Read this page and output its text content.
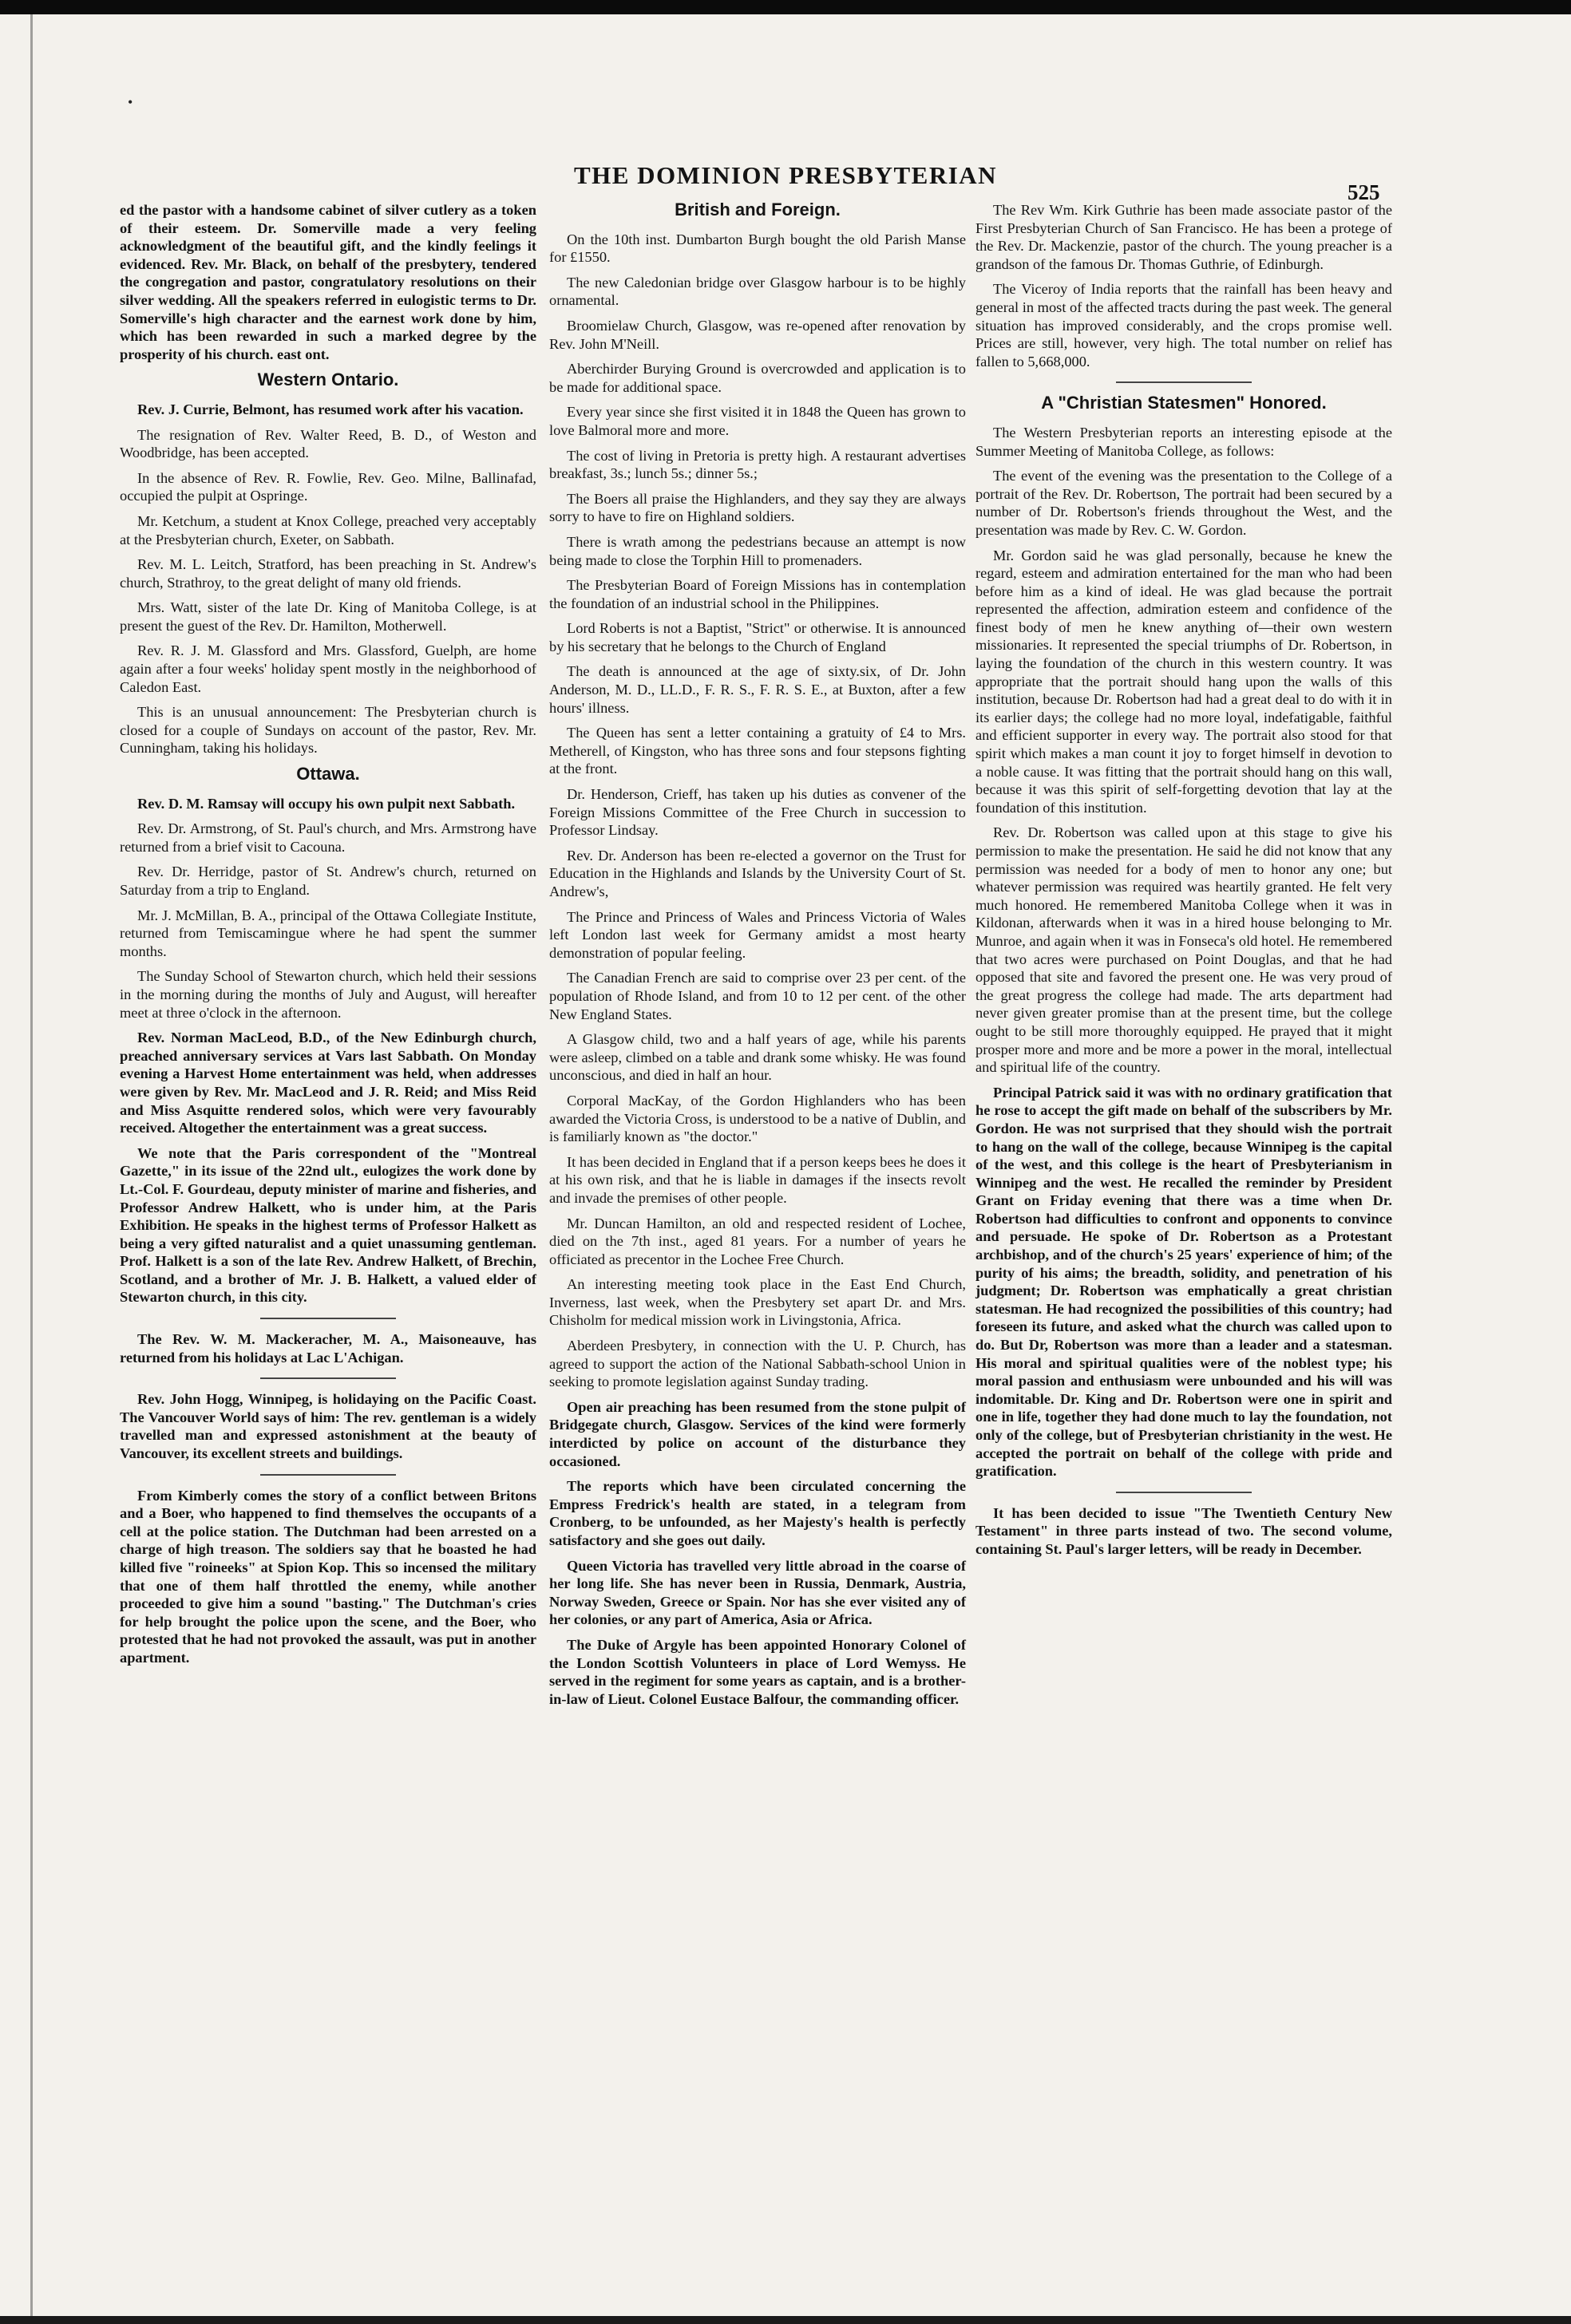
•
THE DOMINION PRESBYTERIAN
525

ed the pastor with a handsome cabinet of silver cutlery as a token of their esteem. Dr. Somerville made a very feeling acknowledgment of the beautiful gift, and the kindly feelings it evidenced. Rev. Mr. Black, on behalf of the presbytery, tendered the congregation and pastor, congratulatory resolutions on their silver wedding. All the speakers referred in eulogistic terms to Dr. Somerville's high character and the earnest work done by him, which has been rewarded in such a marked degree by the prosperity of his church. east ont.

Western Ontario.

Rev. J. Currie, Belmont, has resumed work after his vacation.

The resignation of Rev. Walter Reed, B. D., of Weston and Woodbridge, has been accepted.

In the absence of Rev. R. Fowlie, Rev. Geo. Milne, Ballinafad, occupied the pulpit at Ospringe.

Mr. Ketchum, a student at Knox College, preached very acceptably at the Presbyterian church, Exeter, on Sabbath.

Rev. M. L. Leitch, Stratford, has been preaching in St. Andrew's church, Strathroy, to the great delight of many old friends.

Mrs. Watt, sister of the late Dr. King of Manitoba College, is at present the guest of the Rev. Dr. Hamilton, Motherwell.

Rev. R. J. M. Glassford and Mrs. Glassford, Guelph, are home again after a four weeks' holiday spent mostly in the neighborhood of Caledon East.

This is an unusual announcement: The Presbyterian church is closed for a couple of Sundays on account of the pastor, Rev. Mr. Cunningham, taking his holidays.

Ottawa.

Rev. D. M. Ramsay will occupy his own pulpit next Sabbath.

Rev. Dr. Armstrong, of St. Paul's church, and Mrs. Armstrong have returned from a brief visit to Cacouna.

Rev. Dr. Herridge, pastor of St. Andrew's church, returned on Saturday from a trip to England.

Mr. J. McMillan, B. A., principal of the Ottawa Collegiate Institute, returned from Temiscamingue where he had spent the summer months.

The Sunday School of Stewarton church, which held their sessions in the morning during the months of July and August, will hereafter meet at three o'clock in the afternoon.

Rev. Norman MacLeod, B.D., of the New Edinburgh church, preached anniversary services at Vars last Sabbath. On Monday evening a Harvest Home entertainment was held, when addresses were given by Rev. Mr. MacLeod and J. R. Reid; and Miss Reid and Miss Asquitte rendered solos, which were very favourably received. Altogether the entertainment was a great success.

We note that the Paris correspondent of the "Montreal Gazette," in its issue of the 22nd ult., eulogizes the work done by Lt.-Col. F. Gourdeau, deputy minister of marine and fisheries, and Professor Andrew Halkett, who is under him, at the Paris Exhibition. He speaks in the highest terms of Professor Halkett as being a very gifted naturalist and a quiet unassuming gentleman. Prof. Halkett is a son of the late Rev. Andrew Halkett, of Brechin, Scotland, and a brother of Mr. J. B. Halkett, a valued elder of Stewarton church, in this city.

The Rev. W. M. Mackeracher, M. A., Maisoneauve, has returned from his holidays at Lac L'Achigan.

Rev. John Hogg, Winnipeg, is holidaying on the Pacific Coast. The Vancouver World says of him: The rev. gentleman is a widely travelled man and expressed astonishment at the beauty of Vancouver, its excellent streets and buildings.

From Kimberly comes the story of a conflict between Britons and a Boer, who happened to find themselves the occupants of a cell at the police station. The Dutchman had been arrested on a charge of high treason. The soldiers say that he boasted he had killed five "roineeks" at Spion Kop. This so incensed the military that one of them half throttled the enemy, while another proceeded to give him a sound "basting." The Dutchman's cries for help brought the police upon the scene, and the Boer, who protested that he had not provoked the assault, was put in another apartment.

British and Foreign.

On the 10th inst. Dumbarton Burgh bought the old Parish Manse for £1550.

The new Caledonian bridge over Glasgow harbour is to be highly ornamental.

Broomielaw Church, Glasgow, was re-opened after renovation by Rev. John M'Neill.

Aberchirder Burying Ground is overcrowded and application is to be made for additional space.

Every year since she first visited it in 1848 the Queen has grown to love Balmoral more and more.

The cost of living in Pretoria is pretty high. A restaurant advertises breakfast, 3s.; lunch 5s.; dinner 5s.;

The Boers all praise the Highlanders, and they say they are always sorry to have to fire on Highland soldiers.

There is wrath among the pedestrians because an attempt is now being made to close the Torphin Hill to promenaders.

The Presbyterian Board of Foreign Missions has in contemplation the foundation of an industrial school in the Philippines.

Lord Roberts is not a Baptist, "Strict" or otherwise. It is announced by his secretary that he belongs to the Church of England

The death is announced at the age of sixty.six, of Dr. John Anderson, M. D., LL.D., F. R. S., F. R. S. E., at Buxton, after a few hours' illness.

The Queen has sent a letter containing a gratuity of £4 to Mrs. Metherell, of Kingston, who has three sons and four stepsons fighting at the front.

Dr. Henderson, Crieff, has taken up his duties as convener of the Foreign Missions Committee of the Free Church in succession to Professor Lindsay.

Rev. Dr. Anderson has been re-elected a governor on the Trust for Education in the Highlands and Islands by the University Court of St. Andrew's,

The Prince and Princess of Wales and Princess Victoria of Wales left London last week for Germany amidst a most hearty demonstration of popular feeling.

The Canadian French are said to comprise over 23 per cent. of the population of Rhode Island, and from 10 to 12 per cent. of the other New England States.

A Glasgow child, two and a half years of age, while his parents were asleep, climbed on a table and drank some whisky. He was found unconscious, and died in half an hour.

Corporal MacKay, of the Gordon Highlanders who has been awarded the Victoria Cross, is understood to be a native of Dublin, and is familiarly known as "the doctor."

It has been decided in England that if a person keeps bees he does it at his own risk, and that he is liable in damages if the insects revolt and invade the premises of other people.

Mr. Duncan Hamilton, an old and respected resident of Lochee, died on the 7th inst., aged 81 years. For a number of years he officiated as precentor in the Lochee Free Church.

An interesting meeting took place in the East End Church, Inverness, last week, when the Presbytery set apart Dr. and Mrs. Chisholm for medical mission work in Livingstonia, Africa.

Aberdeen Presbytery, in connection with the U. P. Church, has agreed to support the action of the National Sabbath-school Union in seeking to promote legislation against Sunday trading.

Open air preaching has been resumed from the stone pulpit of Bridgegate church, Glasgow. Services of the kind were formerly interdicted by police on account of the disturbance they occasioned.

The reports which have been circulated concerning the Empress Fredrick's health are stated, in a telegram from Cronberg, to be unfounded, as her Majesty's health is perfectly satisfactory and she goes out daily.

Queen Victoria has travelled very little abroad in the coarse of her long life. She has never been in Russia, Denmark, Austria, Norway Sweden, Greece or Spain. Nor has she ever visited any of her colonies, or any part of America, Asia or Africa.

The Duke of Argyle has been appointed Honorary Colonel of the London Scottish Volunteers in place of Lord Wemyss. He served in the regiment for some years as captain, and is a brother-in-law of Lieut. Colonel Eustace Balfour, the commanding officer.

The Rev Wm. Kirk Guthrie has been made associate pastor of the First Presbyterian Church of San Francisco. He has been a protege of the Rev. Dr. Mackenzie, pastor of the church. The young preacher is a grandson of the famous Dr. Thomas Guthrie, of Edinburgh.

The Viceroy of India reports that the rainfall has been heavy and general in most of the affected tracts during the past week. The general situation has improved considerably, and the crops promise well. Prices are still, however, very high. The total number on relief has fallen to 5,668,000.

A "Christian Statesmen" Honored.

The Western Presbyterian reports an interesting episode at the Summer Meeting of Manitoba College, as follows:

The event of the evening was the presentation to the College of a portrait of the Rev. Dr. Robertson, The portrait had been secured by a number of Dr. Robertson's friends throughout the West, and the presentation was made by Rev. C. W. Gordon.

Mr. Gordon said he was glad personally, because he knew the regard, esteem and admiration entertained for the man who had been before him as a kind of ideal. He was glad because the portrait represented the affection, admiration esteem and confidence of the finest body of men he knew anything of—their own western missionaries. It represented the special triumphs of Dr. Robertson, in laying the foundation of the church in this western country. It was appropriate that the portrait should hang upon the walls of this institution, because Dr. Robertson had had a great deal to do with it in its earlier days; the college had no more loyal, indefatigable, faithful and efficient supporter in every way. The portrait also stood for that spirit which makes a man count it joy to forget himself in devotion to a noble cause. It was fitting that the portrait should hang on this wall, because it was this spirit of self-forgetting devotion that lay at the foundation of this institution.

Rev. Dr. Robertson was called upon at this stage to give his permission to make the presentation. He said he did not know that any permission was needed for a body of men to honor any one; but whatever permission was required was heartily granted. He felt very much honored. He remembered Manitoba College when it was in Kildonan, afterwards when it was in a hired house belonging to Mr. Munroe, and again when it was in Fonseca's old hotel. He remembered that two acres were purchased on Point Douglas, and that he had opposed that site and favored the present one. He was very proud of the great progress the college had made. The arts department had never given greater promise than at the present time, but the college ought to be still more thoroughly equipped. He prayed that it might prosper more and more and be more a power in the moral, intellectual and spiritual life of the country.

Principal Patrick said it was with no ordinary gratification that he rose to accept the gift made on behalf of the subscribers by Mr. Gordon. He was not surprised that they should wish the portrait to hang on the wall of the college, because Winnipeg is the capital of the west, and this college is the heart of Presbyterianism in Winnipeg and the west. He recalled the reminder by President Grant on Friday evening that there was a time when Dr. Robertson had difficulties to confront and opponents to convince and persuade. He spoke of Dr. Robertson as a Protestant archbishop, and of the church's 25 years' experience of him; of the purity of his aims; the breadth, solidity, and penetration of his judgment; Dr. Robertson was emphatically a great christian statesman. He had recognized the possibilities of this country; had foreseen its future, and asked what the church was called upon to do. But Dr, Robertson was more than a leader and a statesman. His moral and spiritual qualities were of the noblest type; his moral passion and enthusiasm were unbounded and his will was indomitable. Dr. King and Dr. Robertson were one in spirit and one in life, together they had done much to lay the foundation, not only of the college, but of Presbyterian christianity in the west. He accepted the portrait on behalf of the college with pride and gratification.

It has been decided to issue "The Twentieth Century New Testament" in three parts instead of two. The second volume, containing St. Paul's larger letters, will be ready in December.
